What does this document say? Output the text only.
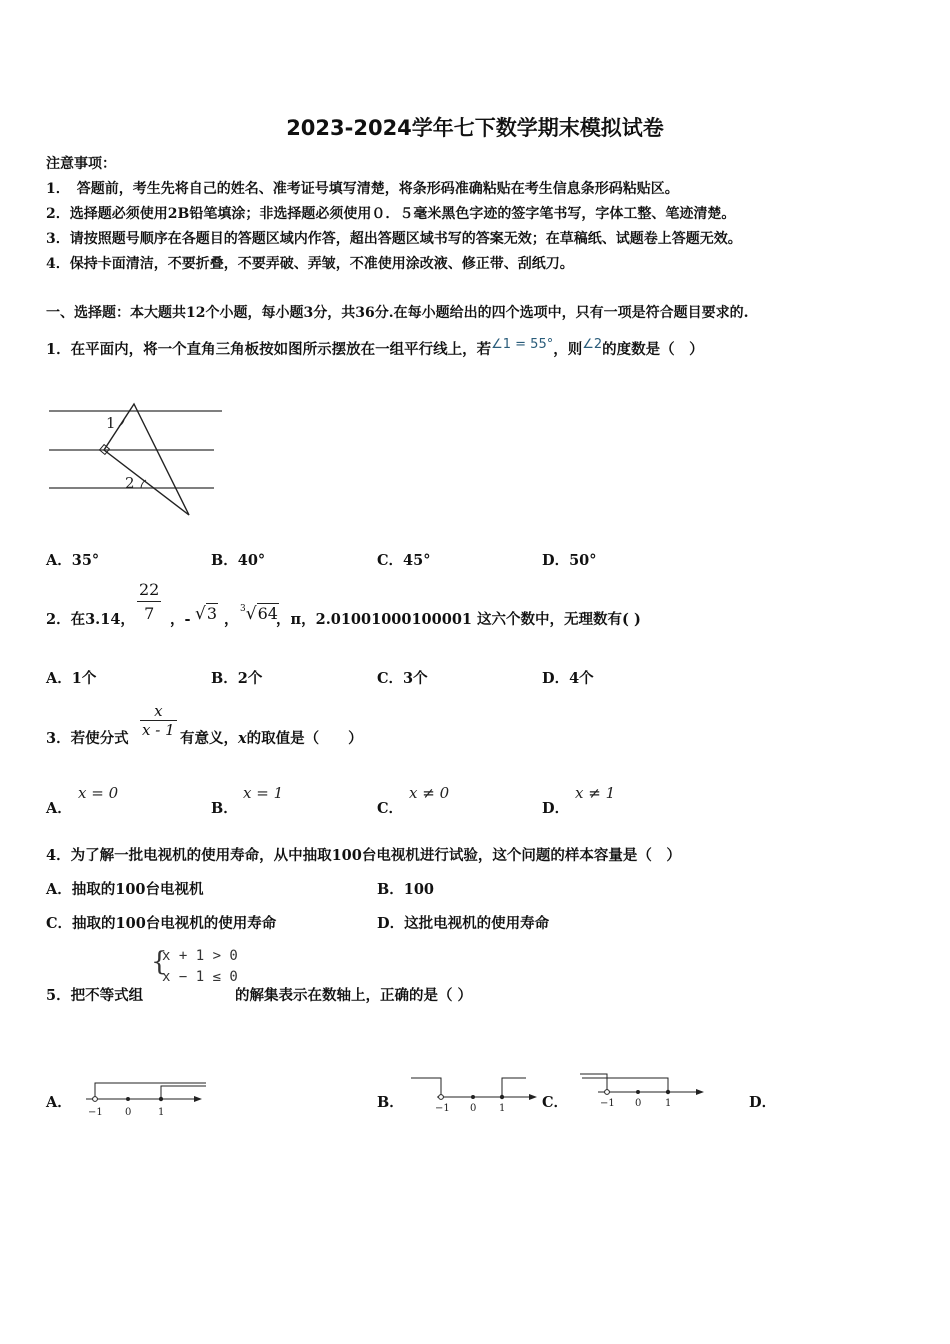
2023-2024学年七下数学期末模拟试卷
注意事项：
1．　答题前，考生先将自己的姓名、准考证号填写清楚，将条形码准确粘贴在考生信息条形码粘贴区。
2．选择题必须使用2B铅笔填涂；非选择题必须使用０．５毫米黑色字迹的签字笔书写，字体工整、笔迹清楚。
3．请按照题号顺序在各题目的答题区域内作答，超出答题区域书写的答案无效；在草稿纸、试题卷上答题无效。
4．保持卡面清洁，不要折叠，不要弄破、弄皱，不准使用涂改液、修正带、刮纸刀。
一、选择题：本大题共12个小题，每小题3分，共36分.在每小题给出的四个选项中，只有一项是符合题目要求的.
1．在平面内，将一个直角三角板按如图所示摆放在一组平行线上，若∠1 = 55°，则∠2的度数是（　）
1
2
A．35°	B．40°	C．45°	D．50°
2．在3.14，
22
7	，- √3 ，
$^3$√64
，π，2.01001000100001 这六个数中，无理数有( )
A．1个	B．2个	C．3个	D．4个
3．若使分式 $\frac{x}{x - 1}$ 有意义，x的取值是（　　）
A．
x = 0
B．
x = 1
C．
x ≠ 0
D．
x ≠ 1
4．为了解一批电视机的使用寿命，从中抽取100台电视机进行试验，这个问题的样本容量是（　）
A．抽取的100台电视机	B．100
C．抽取的100台电视机的使用寿命	D．这批电视机的使用寿命
5．把不等式组
{
x + 1 > 0
x − 1 ≤ 0
的解集表示在数轴上，正确的是（ ）
A．
−1 0	1
B．	−1 0 1	C．	−1 0 1	D．
